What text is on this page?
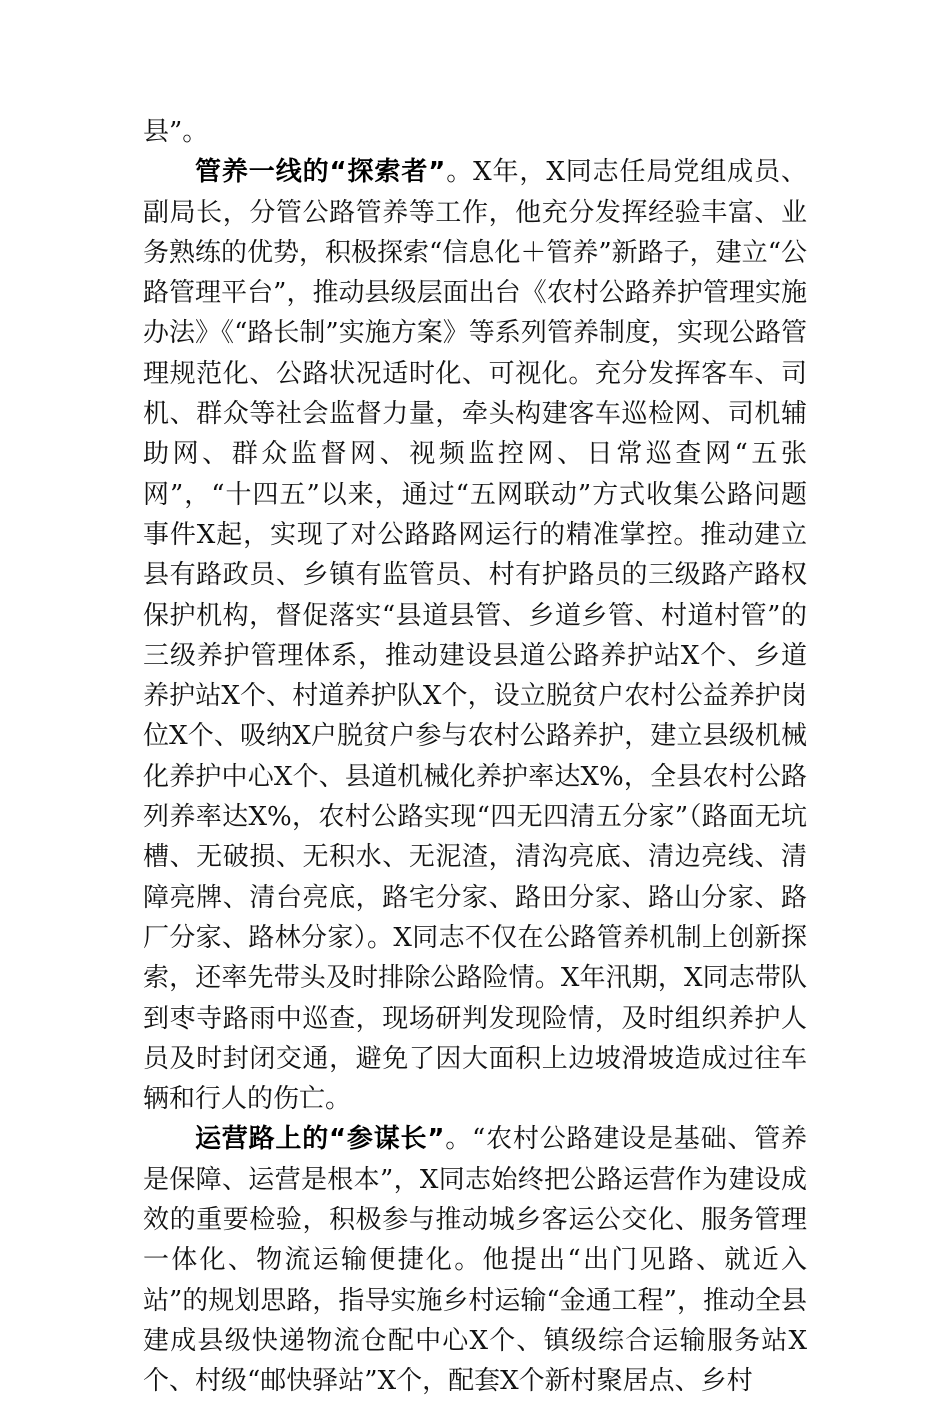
县”。

管养一线的“探索者”。X年，X同志任局党组成员、副局长，分管公路管养等工作，他充分发挥经验丰富、业务熟练的优势，积极探索“信息化＋管养”新路子，建立“公路管理平台”，推动县级层面出台《农村公路养护管理实施办法》《“路长制”实施方案》等系列管养制度，实现公路管理规范化、公路状况适时化、可视化。充分发挥客车、司机、群众等社会监督力量，牵头构建客车巡检网、司机辅助网、群众监督网、视频监控网、日常巡查网“五张网”，“十四五”以来，通过“五网联动”方式收集公路问题事件X起，实现了对公路路网运行的精准掌控。推动建立县有路政员、乡镇有监管员、村有护路员的三级路产路权保护机构，督促落实“县道县管、乡道乡管、村道村管”的三级养护管理体系，推动建设县道公路养护站X个、乡道养护站X个、村道养护队X个，设立脱贫户农村公益养护岗位X个、吸纳X户脱贫户参与农村公路养护，建立县级机械化养护中心X个、县道机械化养护率达X%，全县农村公路列养率达X%，农村公路实现“四无四清五分家”（路面无坑槽、无破损、无积水、无泥渣，清沟亮底、清边亮线、清障亮牌、清台亮底，路宅分家、路田分家、路山分家、路厂分家、路林分家）。X同志不仅在公路管养机制上创新探索，还率先带头及时排除公路险情。X年汛期，X同志带队到枣寺路雨中巡查，现场研判发现险情，及时组织养护人员及时封闭交通，避免了因大面积上边坡滑坡造成过往车辆和行人的伤亡。

运营路上的“参谋长”。“农村公路建设是基础、管养是保障、运营是根本”，X同志始终把公路运营作为建设成效的重要检验，积极参与推动城乡客运公交化、服务管理一体化、物流运输便捷化。他提出“出门见路、就近入站”的规划思路，指导实施乡村运输“金通工程”，推动全县建成县级快递物流仓配中心X个、镇级综合运输服务站X个、村级“邮快驿站”X个，配套X个新村聚居点、乡村
